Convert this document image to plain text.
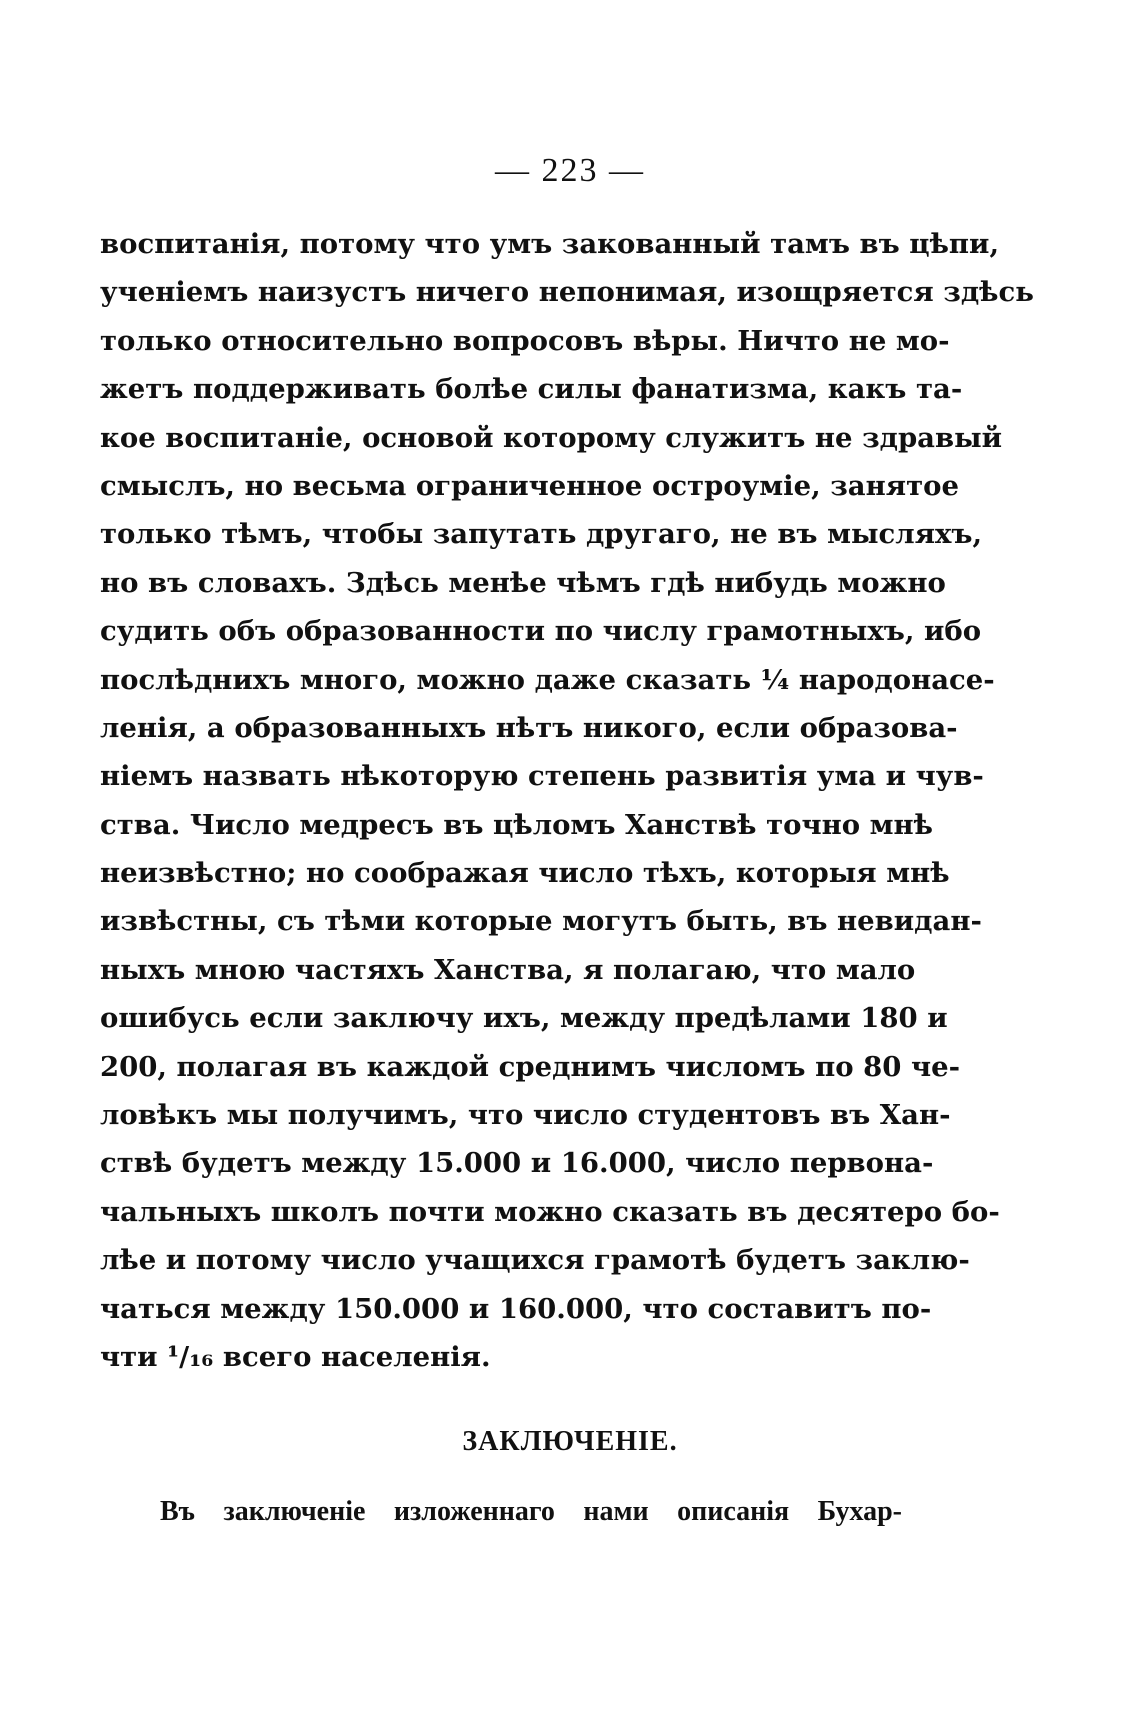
— 223 —
воспитанія, потому что умъ закованный тамъ въ цѣпи,
ученіемъ наизустъ ничего непонимая, изощряется здѣсь
только относительно вопросовъ вѣры. Ничто не мо-
жетъ поддерживать болѣе силы фанатизма, какъ та-
кое воспитаніе, основой которому служитъ не здравый
смыслъ, но весьма ограниченное остроуміе, занятое
только тѣмъ, чтобы запутать другаго, не въ мысляхъ,
но въ словахъ. Здѣсь менѣе чѣмъ гдѣ нибудь можно
судить объ образованности по числу грамотныхъ, ибо
послѣднихъ много, можно даже сказать ¼ народонасе-
ленія, а образованныхъ нѣтъ никого, если образова-
ніемъ назвать нѣкоторую степень развитія ума и чув-
ства. Число медресъ въ цѣломъ Ханствѣ точно мнѣ
неизвѣстно; но соображая число тѣхъ, которыя мнѣ
извѣстны, съ тѣми которые могутъ быть, въ невидан-
ныхъ мною частяхъ Ханства, я полагаю, что мало
ошибусь если заключу ихъ, между предѣлами 180 и
200, полагая въ каждой среднимъ числомъ по 80 че-
ловѣкъ мы получимъ, что число студентовъ въ Хан-
ствѣ будетъ между 15.000 и 16.000, число первона-
чальныхъ школъ почти можно сказать въ десятеро бо-
лѣе и потому число учащихся грамотѣ будетъ заклю-
чаться между 150.000 и 160.000, что составитъ по-
чти ¹/₁₆ всего населенія.
ЗАКЛЮЧЕНІЕ.
Въ заключеніе изложеннаго нами описанія Бухар-
